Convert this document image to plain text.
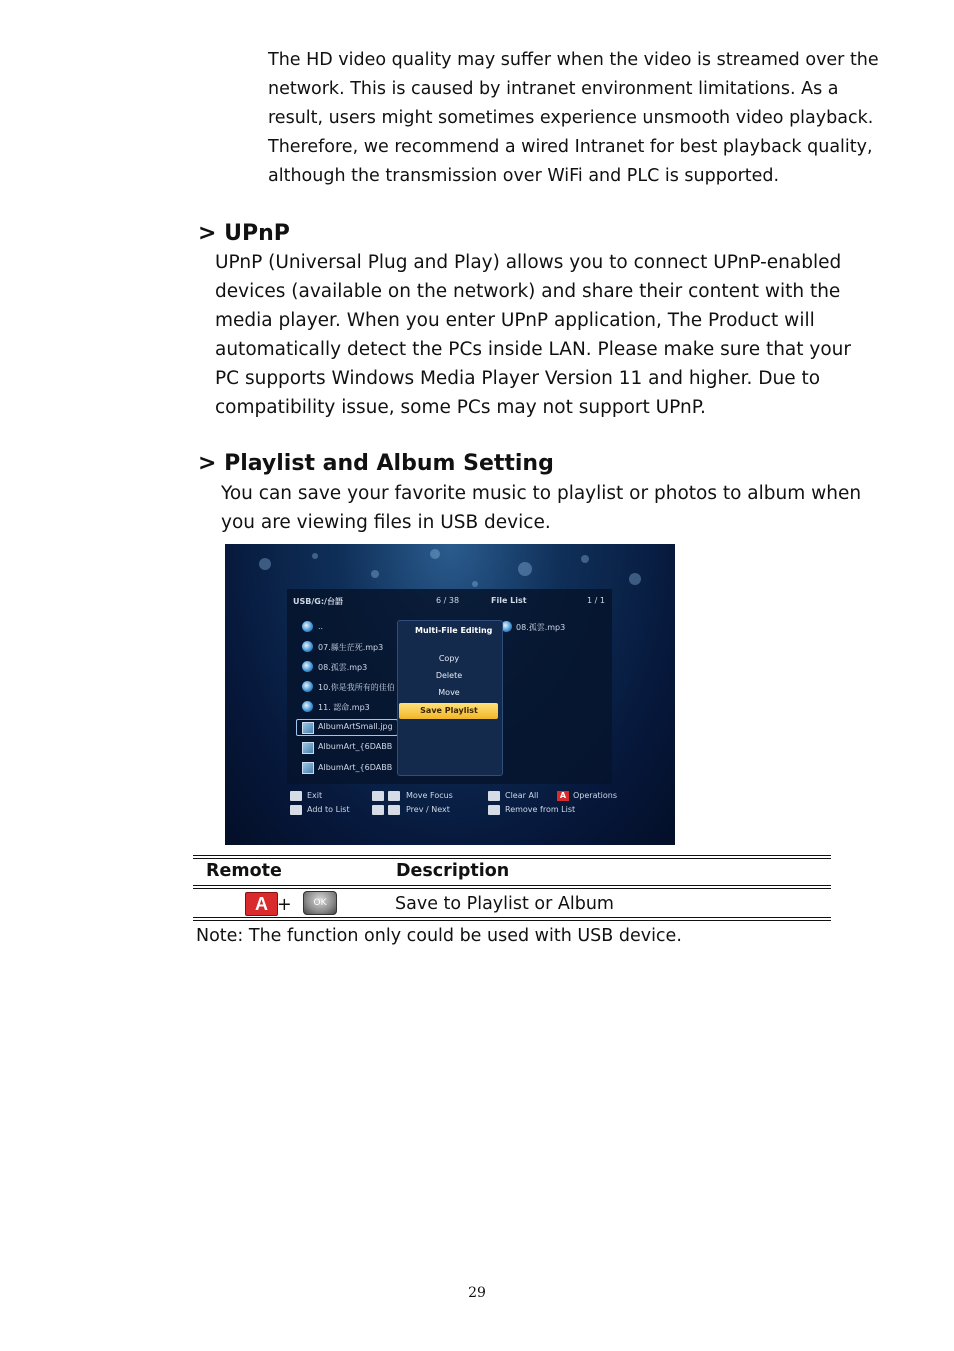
The HD video quality may suffer when the video is streamed over the
network. This is caused by intranet environment limitations. As a
result, users might sometimes experience unsmooth video playback.
Therefore, we recommend a wired Intranet for best playback quality,
although the transmission over WiFi and PLC is supported.
> UPnP
UPnP (Universal Plug and Play) allows you to connect UPnP-enabled
devices (available on the network) and share their content with the
media player. When you enter UPnP application, The Product will
automatically detect the PCs inside LAN. Please make sure that your
PC supports Windows Media Player Version 11 and higher. Due to
compatibility issue, some PCs may not support UPnP.
> Playlist and Album Setting
You can save your favorite music to playlist or photos to album when
you are viewing files in USB device.
USB/G:/台語	6 / 38
..
07.縣生茫死.mp3
08.孤雲.mp3
10.你是我所有的佳伯
11. 認命.mp3
AlbumArtSmall.jpg
AlbumArt_{6DABB
AlbumArt_{6DABB
File List	1 / 1
08.孤雲.mp3
Multi-File Editing
Copy
Delete
Move
Save Playlist
Exit
Add to List
Move Focus
Prev / Next
Clear All
Remove from List
A Operations
Remote	Description
A +	OK	Save to Playlist or Album
Note: The function only could be used with USB device.
29
